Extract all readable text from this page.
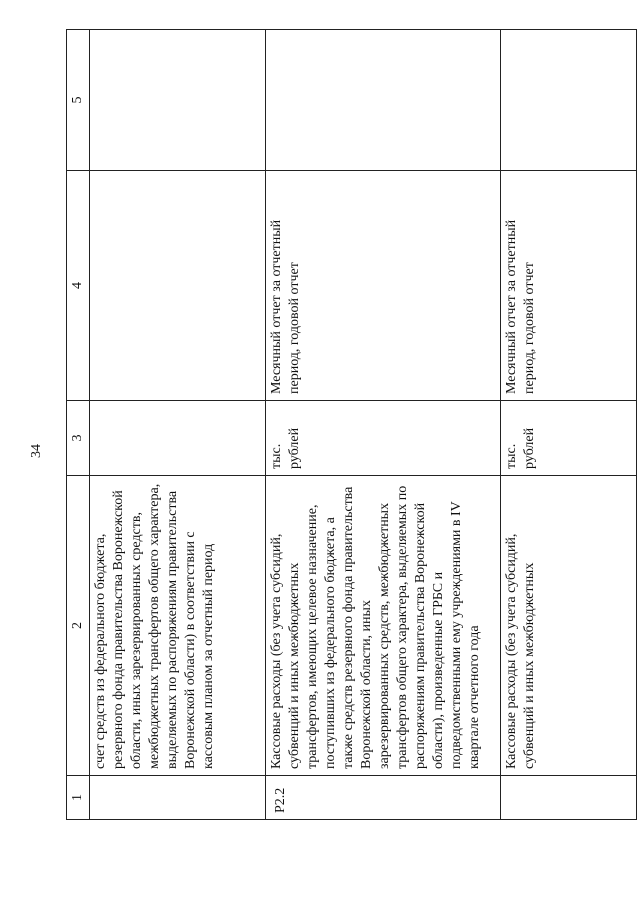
34
1	2	3	4	5
	счет средств из федерального бюджета, резервного фонда правительства Воронежской области, иных зарезервированных средств, межбюджетных трансфертов общего характера, выделяемых по распоряжениям правительства Воронежской области) в соответствии с кассовым планом за отчетный период			
Р2.2	Кассовые расходы (без учета субсидий, субвенций и иных межбюджетных трансфертов, имеющих целевое назначение, поступивших из федерального бюджета, а также средств резервного фонда правительства Воронежской области, иных зарезервированных средств, межбюджетных трансфертов общего характера, выделяемых по распоряжениям правительства Воронежской области), произведенные ГРБС и подведомственными ему учреждениями в IV квартале отчетного года	тыс. рублей	Месячный отчет за отчетный период, годовой отчет	
	Кассовые расходы (без учета субсидий, субвенций и иных межбюджетных	тыс. рублей	Месячный отчет за отчетный период, годовой отчет	
